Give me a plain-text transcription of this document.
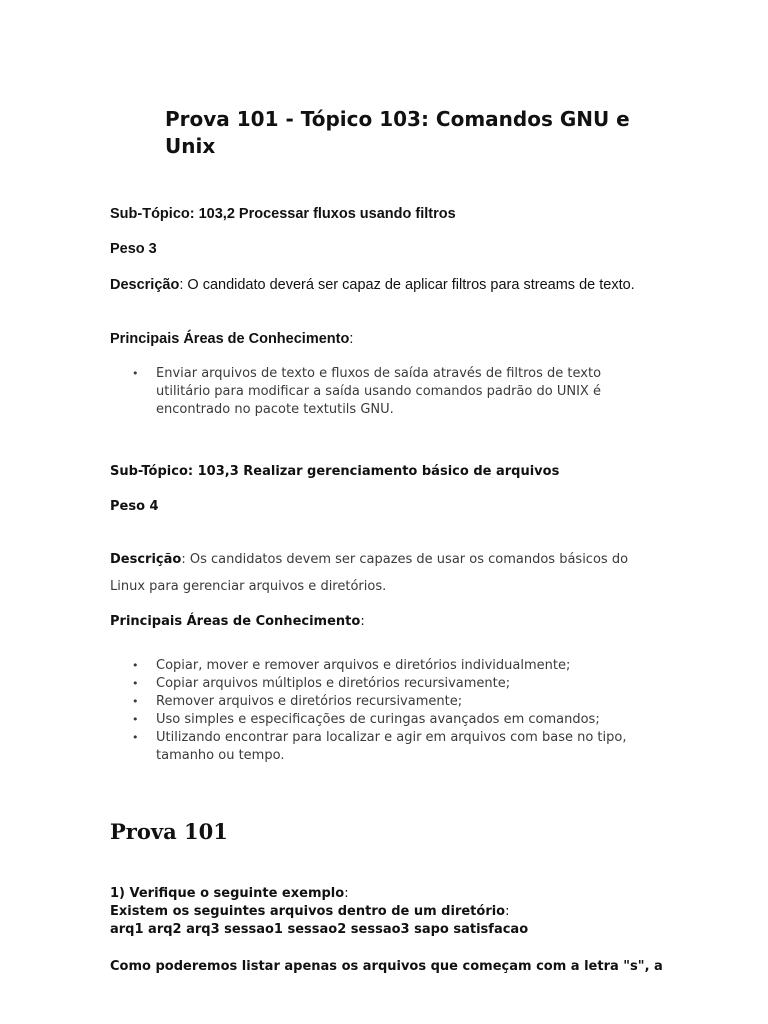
Prova 101 - Tópico 103: Comandos GNU e Unix
Sub-Tópico: 103,2 Processar fluxos usando filtros
Peso 3
Descrição: O candidato deverá ser capaz de aplicar filtros para streams de texto.
Principais Áreas de Conhecimento:
• Enviar arquivos de texto e fluxos de saída através de filtros de texto utilitário para modificar a saída usando comandos padrão do UNIX é encontrado no pacote textutils GNU.
Sub-Tópico: 103,3 Realizar gerenciamento básico de arquivos
Peso 4
Descrição: Os candidatos devem ser capazes de usar os comandos básicos do
Linux para gerenciar arquivos e diretórios.
Principais Áreas de Conhecimento:
• Copiar, mover e remover arquivos e diretórios individualmente;
• Copiar arquivos múltiplos e diretórios recursivamente;
• Remover arquivos e diretórios recursivamente;
• Uso simples e especificações de curingas avançados em comandos;
• Utilizando encontrar para localizar e agir em arquivos com base no tipo, tamanho ou tempo.
Prova 101
1) Verifique o seguinte exemplo:
Existem os seguintes arquivos dentro de um diretório:
arq1 arq2 arq3 sessao1 sessao2 sessao3 sapo satisfacao
Como poderemos listar apenas os arquivos que começam com a letra "s", a
